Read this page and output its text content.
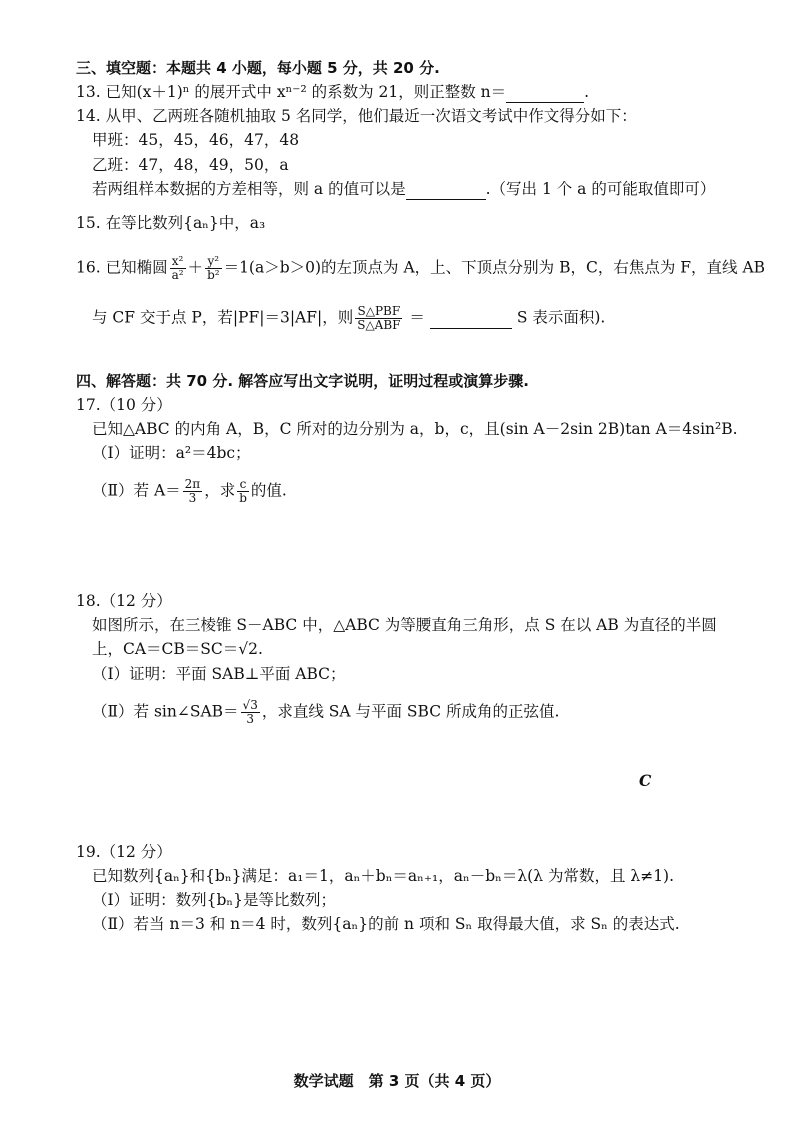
三、填空题：本题共 4 小题，每小题 5 分，共 20 分.
13. 已知(x＋1)ⁿ 的展开式中 xⁿ⁻² 的系数为 21，则正整数 n＝	.
14. 从甲、乙两班各随机抽取 5 名同学，他们最近一次语文考试中作文得分如下：
甲班：45，45，46，47，48
乙班：47，48，49，50，a
若两组样本数据的方差相等，则 a 的值可以是	.（写出 1 个 a 的可能取值即可）
15. 在等比数列{aₙ}中，a₃
16. 已知椭圆 $\frac{\text{x²}}{\text{a²}} + \frac{\text{y²}}{\text{b²}} =1(a>b>0)$的左顶点为 A，上、下顶点分别为 B，C，右焦点为 F，直线 AB
与 CF 交于点 P，若|PF|＝3|AF|，则 $\frac{\text{S△PBF}}{\text{S△ABF}}$ ＝	S 表示面积).
四、解答题：共 70 分. 解答应写出文字说明，证明过程或演算步骤.
17.（10 分）
已知△ABC 的内角 A，B，C 所对的边分别为 a，b，c，且(sin A－2sin 2B)tan A＝4sin²B.
（Ⅰ）证明：a²＝4bc；
（Ⅱ）若 $A= \frac{2\pi}{3}$ ，求 $\frac{c}{b}$ 的值.
18.（12 分）
如图所示，在三棱锥 S－ABC 中，△ABC 为等腰直角三角形，点 S 在以 AB 为直径的半圆
上，CA＝CB＝SC＝√2.
（Ⅰ）证明：平面 SAB⊥平面 ABC；
（Ⅱ）若 sin∠SAB＝ $\frac{√3}{3}$ ，求直线 SA 与平面 SBC 所成角的正弦值.
C
19.（12 分）
已知数列{aₙ}和{bₙ}满足：a₁＝1，aₙ＋bₙ＝aₙ₊₁，aₙ－bₙ＝λ(λ 为常数，且 λ≠1).
（Ⅰ）证明：数列{bₙ}是等比数列；
（Ⅱ）若当 n＝3 和 n＝4 时，数列{aₙ}的前 n 项和 Sₙ 取得最大值，求 Sₙ 的表达式.
数学试题　第 3 页（共 4 页）
